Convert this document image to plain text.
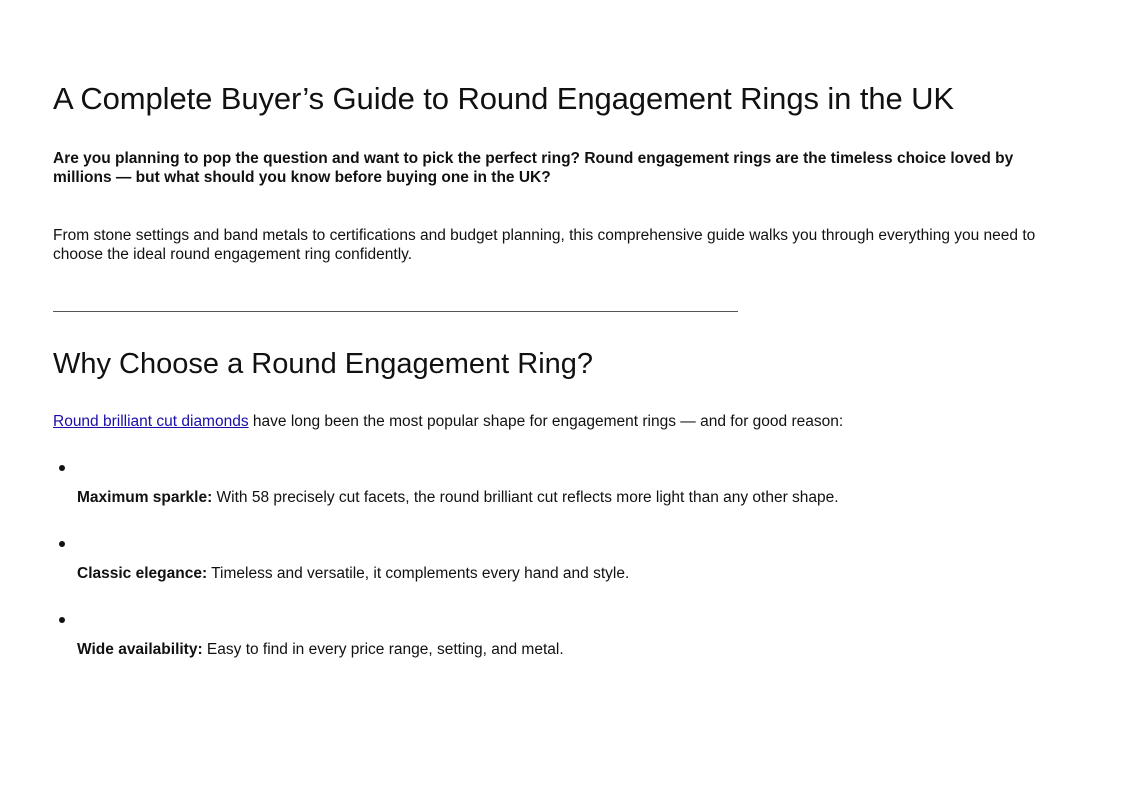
A Complete Buyer’s Guide to Round Engagement Rings in the UK

Are you planning to pop the question and want to pick the perfect ring? Round engagement rings are the timeless choice loved by millions — but what should you know before buying one in the UK?

From stone settings and band metals to certifications and budget planning, this comprehensive guide walks you through everything you need to choose the ideal round engagement ring confidently.

Why Choose a Round Engagement Ring?

Round brilliant cut diamonds have long been the most popular shape for engagement rings — and for good reason:

Maximum sparkle: With 58 precisely cut facets, the round brilliant cut reflects more light than any other shape.
Classic elegance: Timeless and versatile, it complements every hand and style.
Wide availability: Easy to find in every price range, setting, and metal.
